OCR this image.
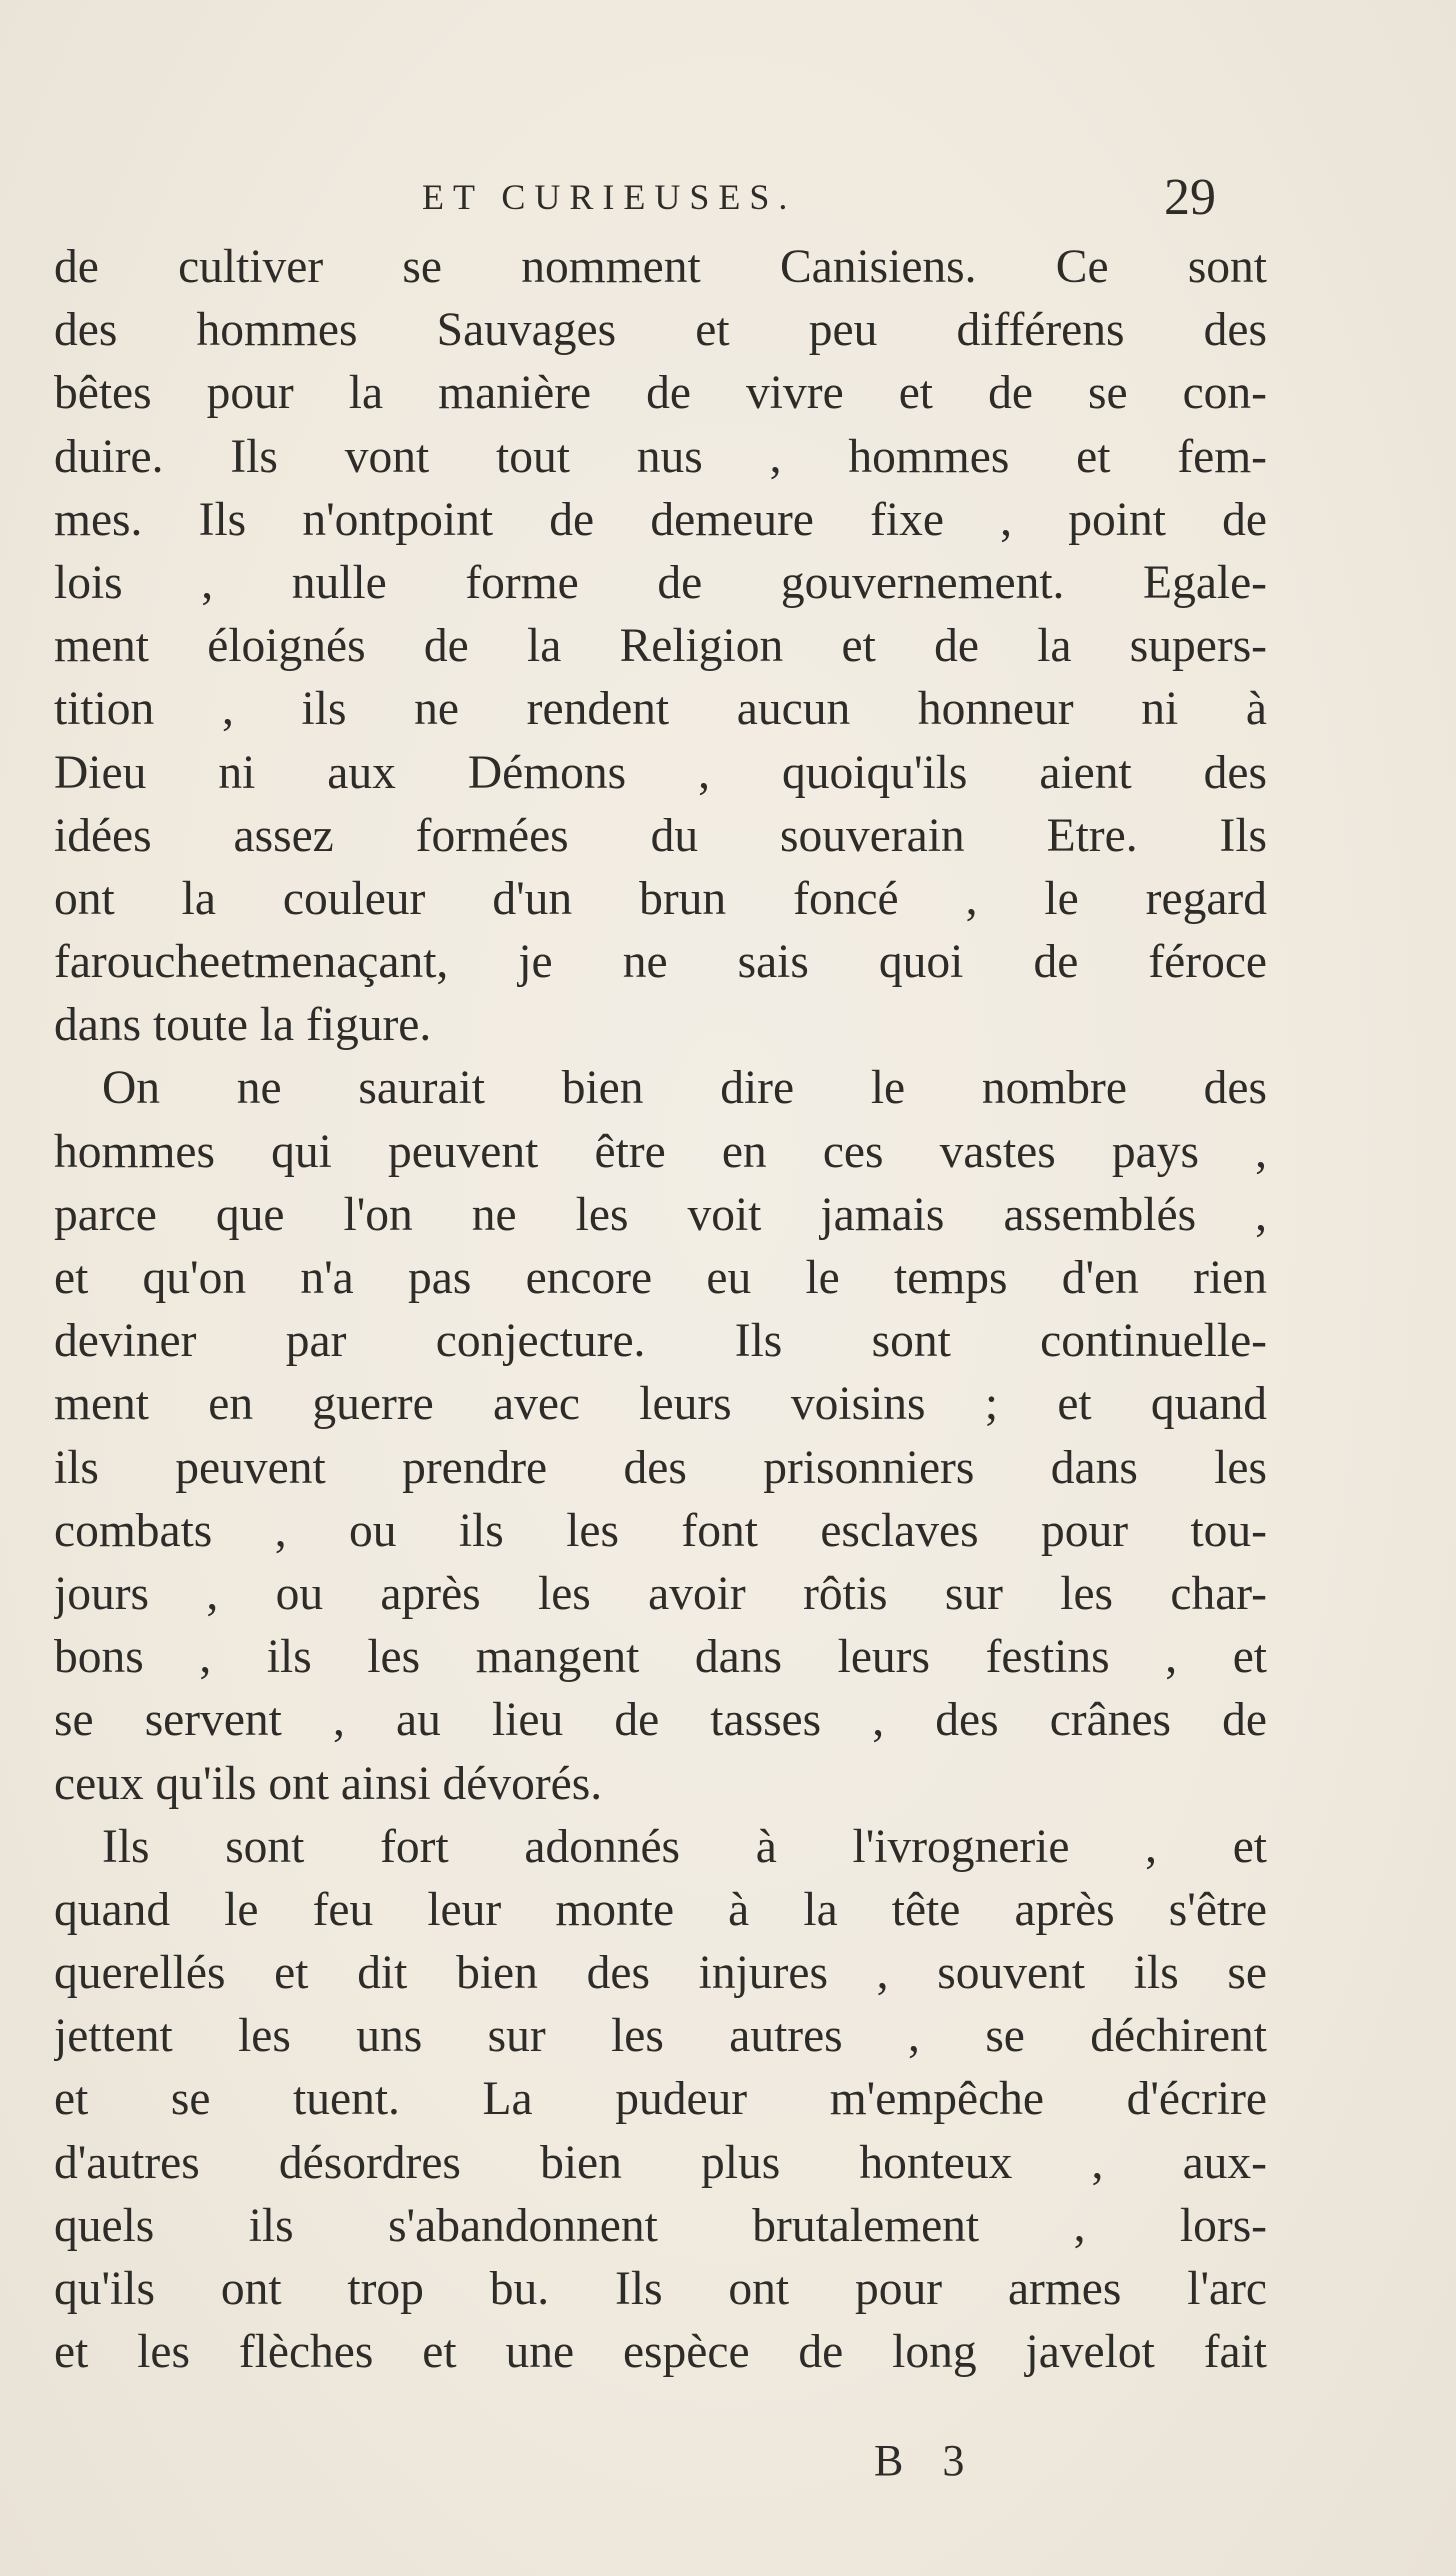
ET CURIEUSES.	29
de cultiver se nomment Canisiens. Ce sont
des hommes Sauvages et peu différens des
bêtes pour la manière de vivre et de se con-
duire. Ils vont tout nus , hommes et fem-
mes. Ils n'ontpoint de demeure fixe , point de
lois , nulle forme de gouvernement. Egale-
ment éloignés de la Religion et de la supers-
tition , ils ne rendent aucun honneur ni à
Dieu ni aux Démons , quoiqu'ils aient des
idées assez formées du souverain Etre. Ils
ont la couleur d'un brun foncé , le regard
faroucheetmenaçant, je ne sais quoi de féroce
dans toute la figure.
On ne saurait bien dire le nombre des
hommes qui peuvent être en ces vastes pays ,
parce que l'on ne les voit jamais assemblés ,
et qu'on n'a pas encore eu le temps d'en rien
deviner par conjecture. Ils sont continuelle-
ment en guerre avec leurs voisins ; et quand
ils peuvent prendre des prisonniers dans les
combats , ou ils les font esclaves pour tou-
jours , ou après les avoir rôtis sur les char-
bons , ils les mangent dans leurs festins , et
se servent , au lieu de tasses , des crânes de
ceux qu'ils ont ainsi dévorés.
Ils sont fort adonnés à l'ivrognerie , et
quand le feu leur monte à la tête après s'être
querellés et dit bien des injures , souvent ils se
jettent les uns sur les autres , se déchirent
et se tuent. La pudeur m'empêche d'écrire
d'autres désordres bien plus honteux , aux-
quels ils s'abandonnent brutalement , lors-
qu'ils ont trop bu. Ils ont pour armes l'arc
et les flèches et une espèce de long javelot fait
B 3
